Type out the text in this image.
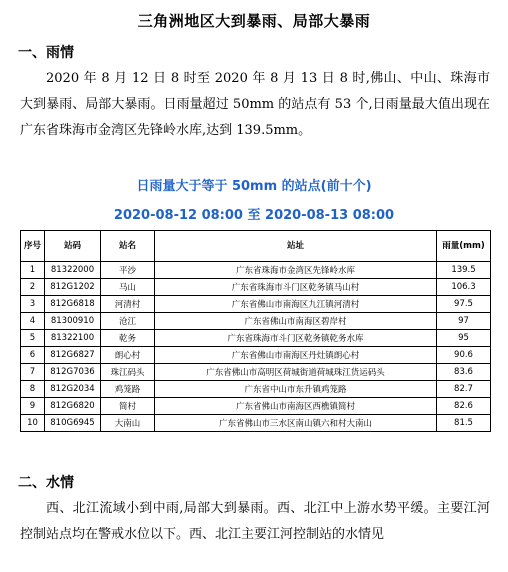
三角洲地区大到暴雨、局部大暴雨
一、雨情
2020 年 8 月 12 日 8 时至 2020 年 8 月 13 日 8 时,佛山、中山、珠海市大到暴雨、局部大暴雨。日雨量超过 50mm 的站点有 53 个,日雨量最大值出现在广东省珠海市金湾区先锋岭水库,达到 139.5mm。
日雨量大于等于 50mm 的站点(前十个)
2020-08-12 08:00 至 2020-08-13 08:00
序号	站码	站名	站址	雨量(mm)
1	81322000	平沙	广东省珠海市金湾区先锋岭水库	139.5
2	812G1202	马山	广东省珠海市斗门区乾务镇马山村	106.3
3	812G6818	河清村	广东省佛山市南海区九江镇河清村	97.5
4	81300910	沧江	广东省佛山市南海区碧岸村	97
5	81322100	乾务	广东省珠海市斗门区乾务镇乾务水库	95
6	812G6827	朗心村	广东省佛山市南海区丹灶镇朗心村	90.6
7	812G7036	珠江码头	广东省佛山市高明区荷城街道荷城珠江货运码头	83.6
8	812G2034	鸡笼路	广东省中山市东升镇鸡笼路	82.7
9	812G6820	简村	广东省佛山市南海区西樵镇简村	82.6
10	810G6945	大南山	广东省佛山市三水区南山镇六和村大南山	81.5
二、水情
西、北江流域小到中雨,局部大到暴雨。西、北江中上游水势平缓。主要江河控制站点均在警戒水位以下。西、北江主要江河控制站的水情见
